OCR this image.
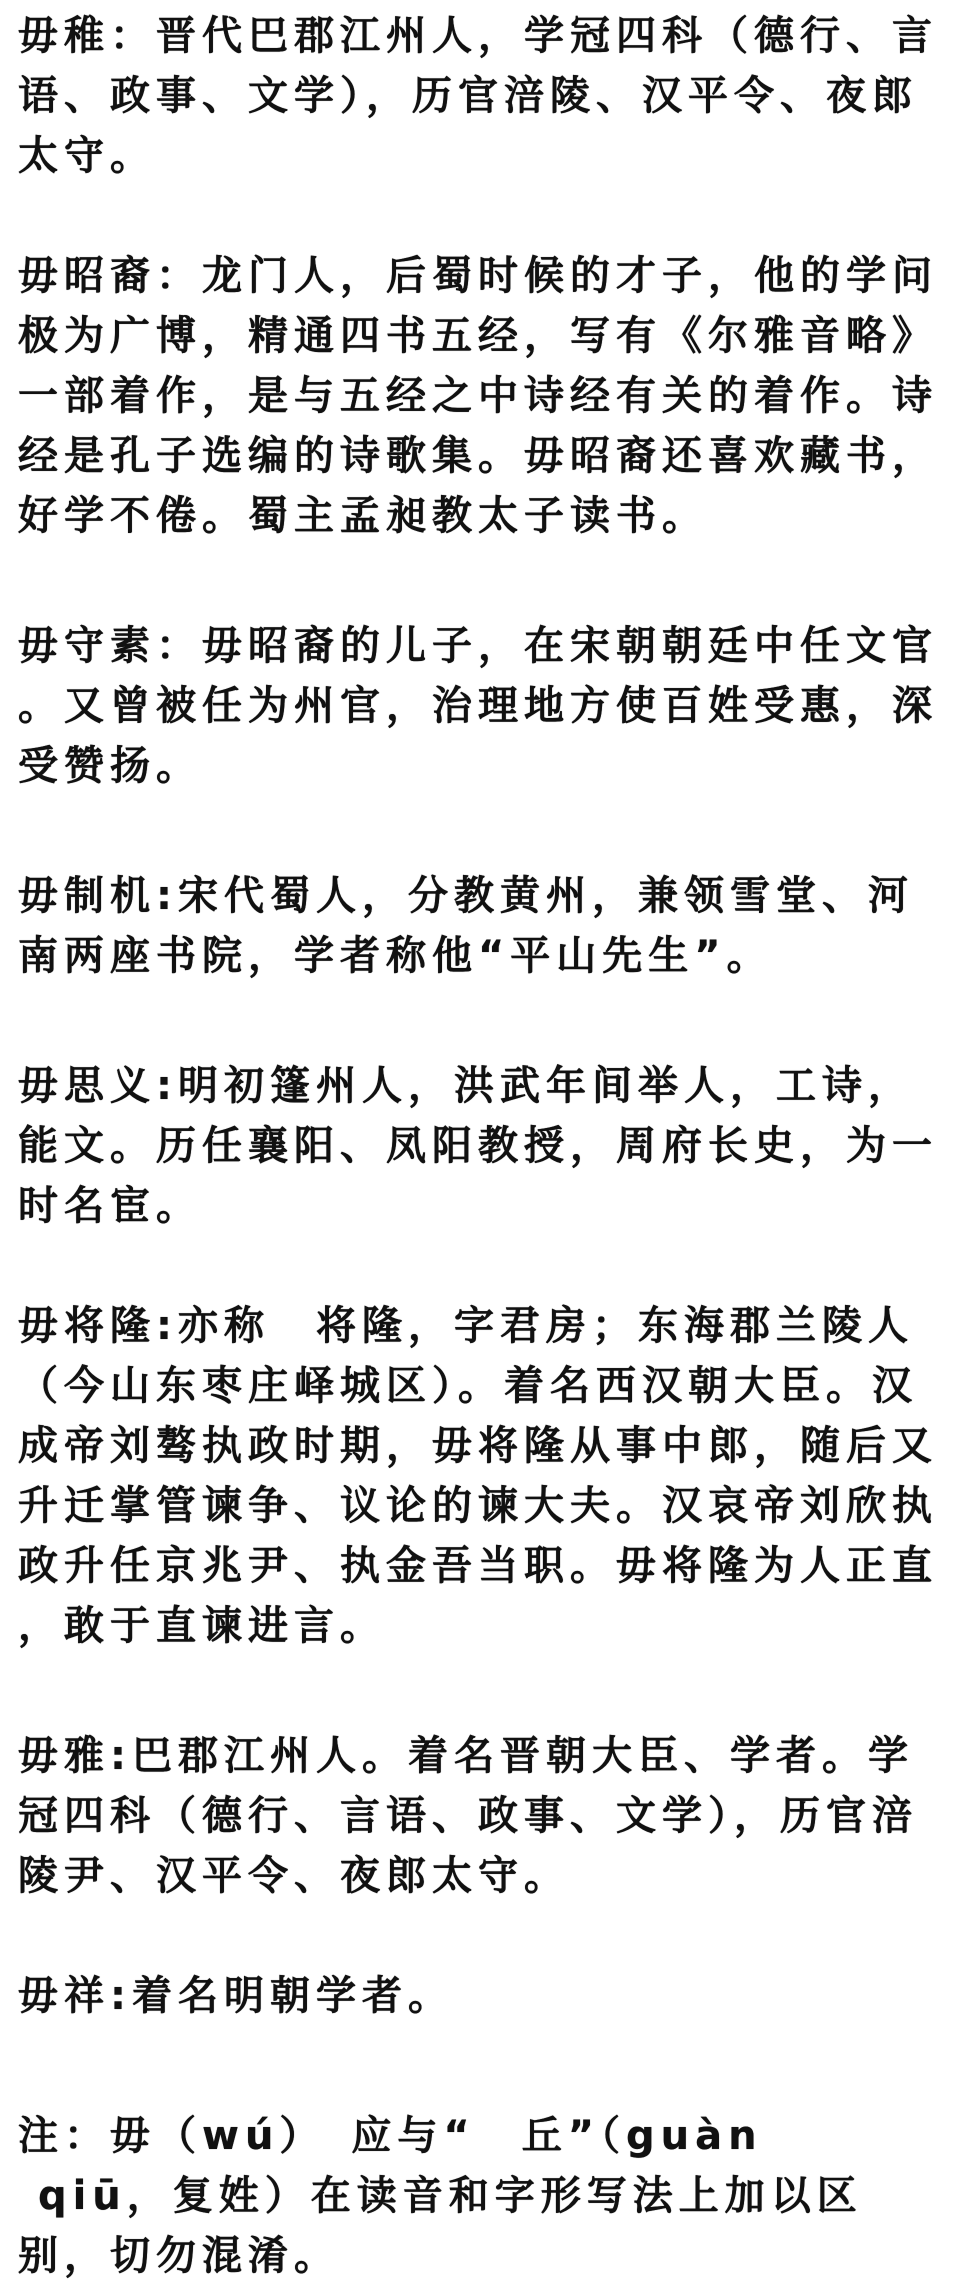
毋稚：晋代巴郡江州人，学冠四科（德行、言
语、政事、文学），历官涪陵、汉平令、夜郎
太守。

毋昭裔：龙门人，后蜀时候的才子，他的学问
极为广博，精通四书五经，写有《尔雅音略》
一部着作，是与五经之中诗经有关的着作。诗
经是孔子选编的诗歌集。毋昭裔还喜欢藏书，
好学不倦。蜀主孟昶教太子读书。

毋守素：毋昭裔的儿子，在宋朝朝廷中任文官
。又曾被任为州官，治理地方使百姓受惠，深
受赞扬。

毋制机:宋代蜀人，分教黄州，兼领雪堂、河
南两座书院，学者称他“平山先生”。

毋思义:明初篷州人，洪武年间举人，工诗，
能文。历任襄阳、凤阳教授，周府长史，为一
时名宦。

毋将隆:亦称　将隆，字君房；东海郡兰陵人
（今山东枣庄峄城区）。着名西汉朝大臣。汉
成帝刘骜执政时期，毋将隆从事中郎，随后又
升迁掌管谏争、议论的谏大夫。汉哀帝刘欣执
政升任京兆尹、执金吾当职。毋将隆为人正直
，敢于直谏进言。

毋雅:巴郡江州人。着名晋朝大臣、学者。学
冠四科（德行、言语、政事、文学），历官涪
陵尹、汉平令、夜郎太守。

毋祥:着名明朝学者。

注：毋（wú）　应与“　丘”（guàn
qiū，复姓）在读音和字形写法上加以区
别，切勿混淆。
